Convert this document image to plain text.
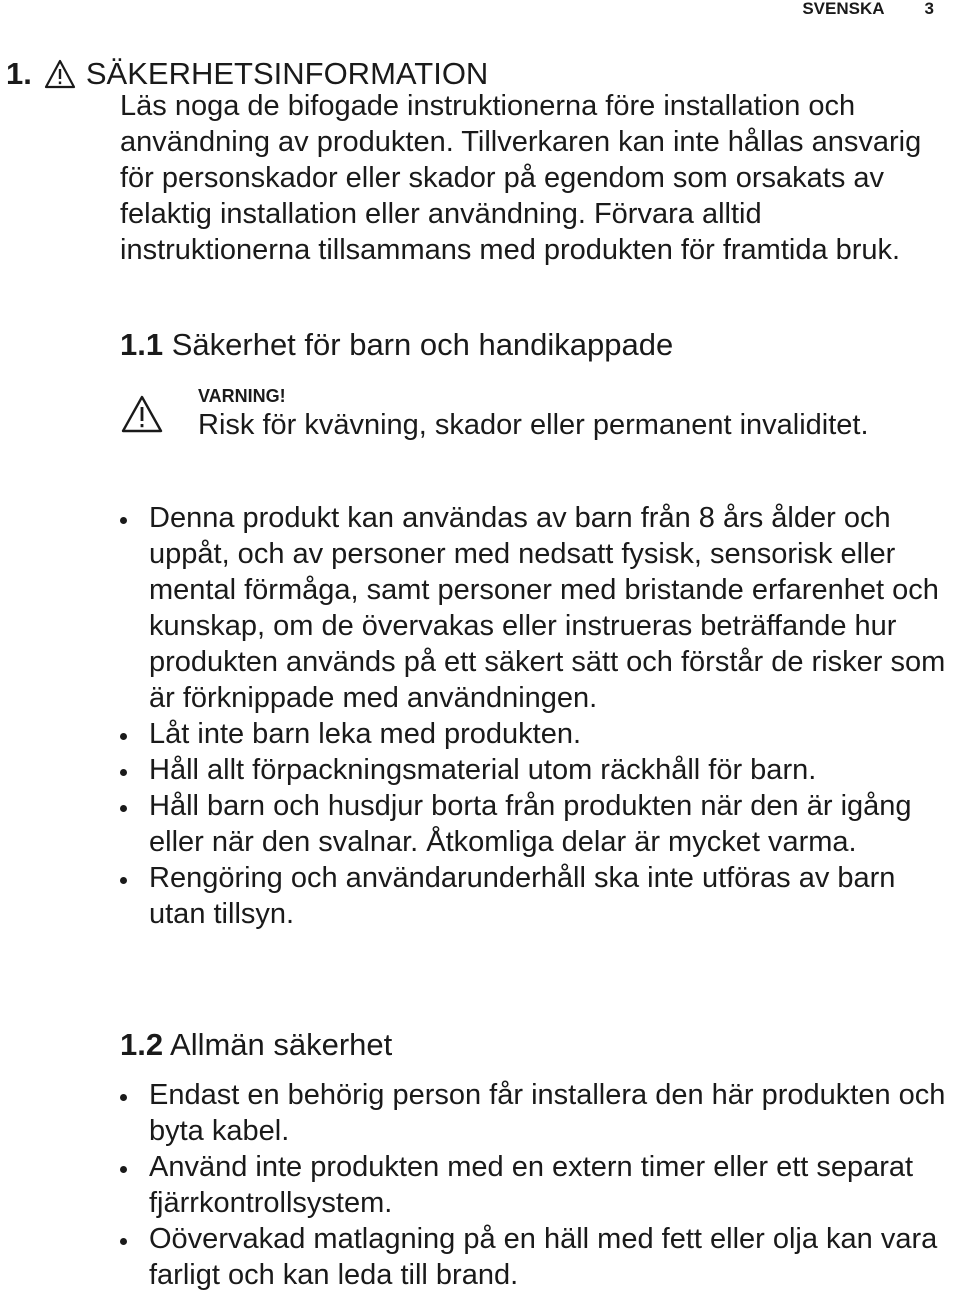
SVENSKA 3
1. SÄKERHETSINFORMATION

Läs noga de bifogade instruktionerna före installation och användning av produkten. Tillverkaren kan inte hållas ansvarig för personskador eller skador på egendom som orsakats av felaktig installation eller användning. Förvara alltid instruktionerna tillsammans med produkten för framtida bruk.

1.1 Säkerhet för barn och handikappade
VARNING!

Risk för kvävning, skador eller permanent invaliditet.

Denna produkt kan användas av barn från 8 års ålder och uppåt, och av personer med nedsatt fysisk, sensorisk eller mental förmåga, samt personer med bristande erfarenhet och kunskap, om de övervakas eller instrueras beträffande hur produkten används på ett säkert sätt och förstår de risker som är förknippade med användningen.
Låt inte barn leka med produkten.
Håll allt förpackningsmaterial utom räckhåll för barn.
Håll barn och husdjur borta från produkten när den är igång eller när den svalnar. Åtkomliga delar är mycket varma.
Rengöring och användarunderhåll ska inte utföras av barn utan tillsyn.
1.2 Allmän säkerhet
Endast en behörig person får installera den här produkten och byta kabel.
Använd inte produkten med en extern timer eller ett separat fjärrkontrollsystem.
Oövervakad matlagning på en häll med fett eller olja kan vara farligt och kan leda till brand.
